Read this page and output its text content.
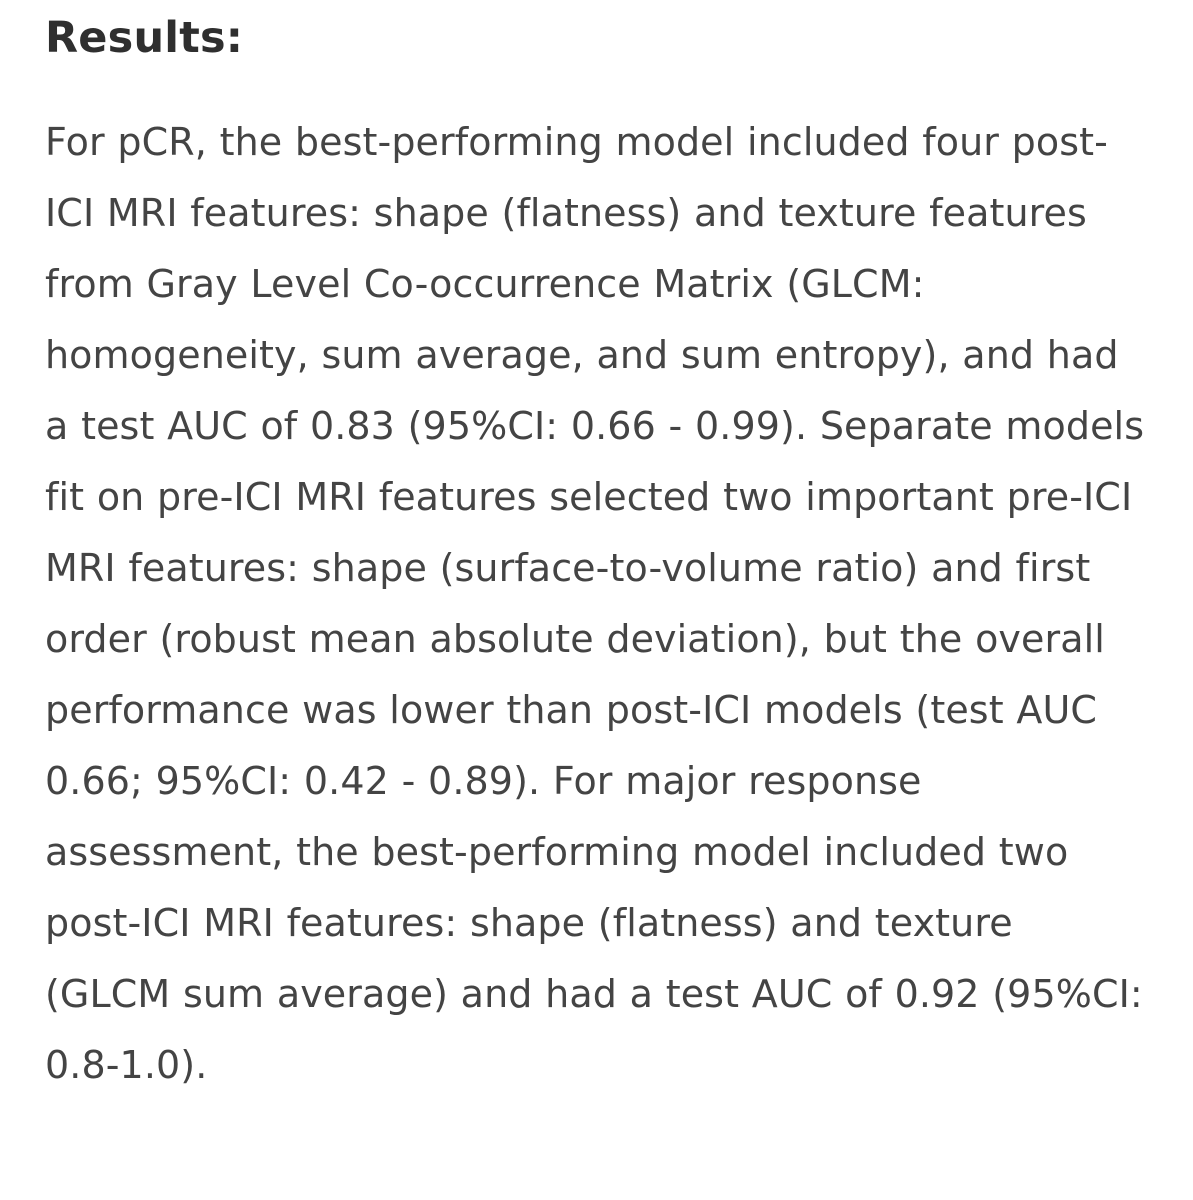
Results:

For pCR, the best-performing model included four post-ICI MRI features: shape (flatness) and texture features from Gray Level Co-occurrence Matrix (GLCM: homogeneity, sum average, and sum entropy), and had a test AUC of 0.83 (95%CI: 0.66 - 0.99). Separate models fit on pre-ICI MRI features selected two important pre-ICI MRI features: shape (surface-to-volume ratio) and first order (robust mean absolute deviation), but the overall performance was lower than post-ICI models (test AUC 0.66; 95%CI: 0.42 - 0.89). For major response assessment, the best-performing model included two post-ICI MRI features: shape (flatness) and texture (GLCM sum average) and had a test AUC of 0.92 (95%CI: 0.8-1.0).
